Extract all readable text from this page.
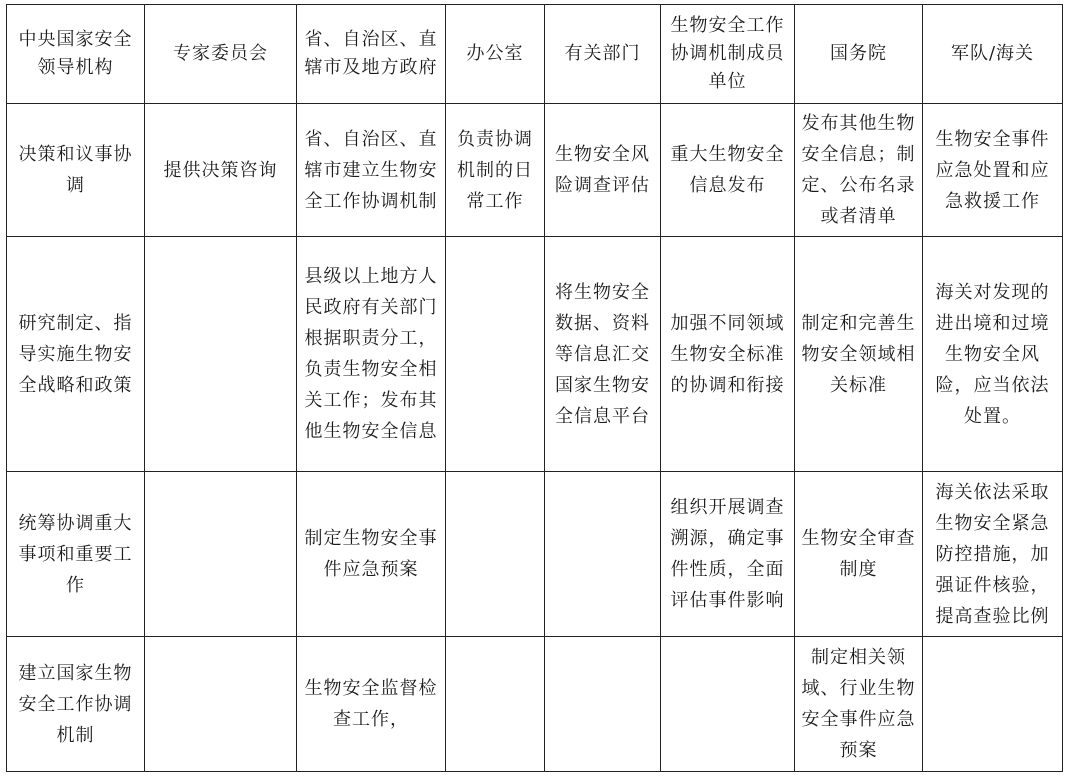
中央国家安全领导机构	专家委员会	省、自治区、直辖市及地方政府	办公室	有关部门	生物安全工作协调机制成员单位	国务院	军队/海关
决策和议事协调	提供决策咨询	省、自治区、直辖市建立生物安全工作协调机制	负责协调机制的日常工作	生物安全风险调查评估	重大生物安全信息发布	发布其他生物安全信息；制定、公布名录或者清单	生物安全事件应急处置和应急救援工作
研究制定、指导实施生物安全战略和政策		县级以上地方人民政府有关部门根据职责分工，负责生物安全相关工作；发布其他生物安全信息		将生物安全数据、资料等信息汇交国家生物安全信息平台	加强不同领域生物安全标准的协调和衔接	制定和完善生物安全领域相关标准	海关对发现的进出境和过境生物安全风险，应当依法处置。
统筹协调重大事项和重要工作		制定生物安全事件应急预案			组织开展调查溯源，确定事件性质，全面评估事件影响	生物安全审查制度	海关依法采取生物安全紧急防控措施，加强证件核验，提高查验比例
建立国家生物安全工作协调机制		生物安全监督检查工作，				制定相关领域、行业生物安全事件应急预案	
